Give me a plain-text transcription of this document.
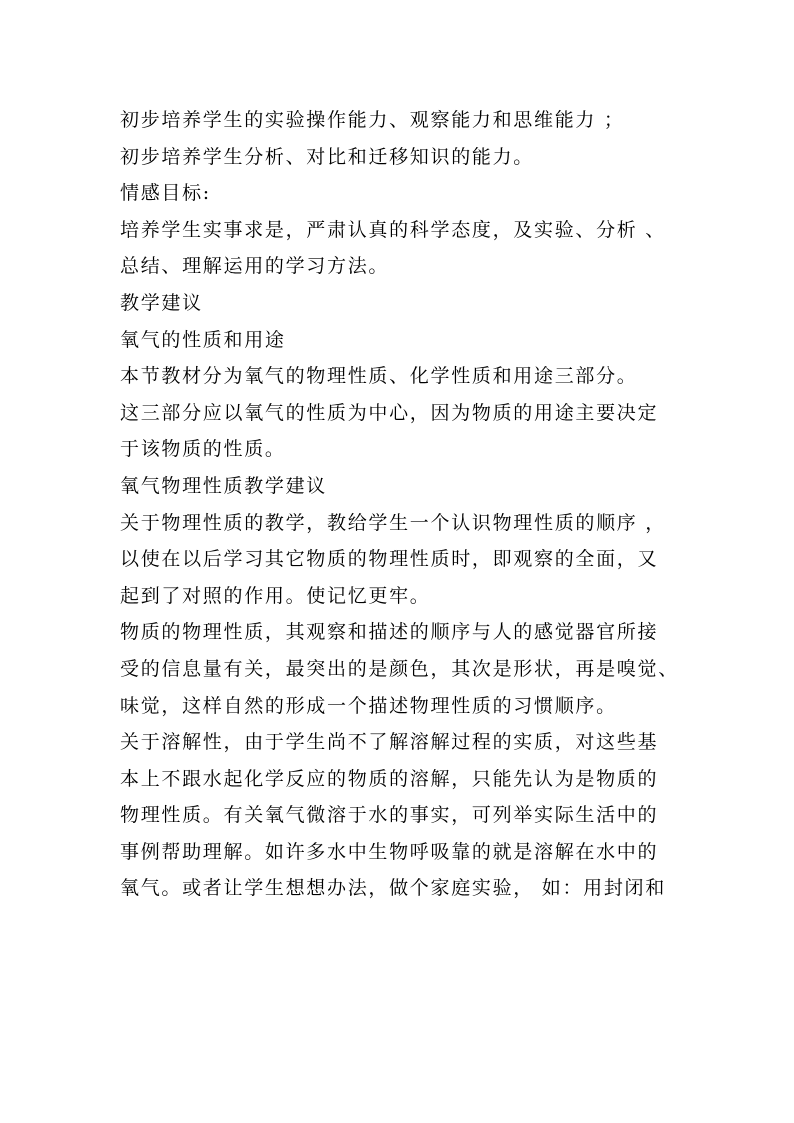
初步培养学生的实验操作能力、观察能力和思维能力 ；
初步培养学生分析、对比和迁移知识的能力。
情感目标:
培养学生实事求是，严肃认真的科学态度，及实验、分析 、
总结、理解运用的学习方法。
教学建议
氧气的性质和用途
本节教材分为氧气的物理性质、化学性质和用途三部分。
这三部分应以氧气的性质为中心，因为物质的用途主要决定
于该物质的性质。
氧气物理性质教学建议
关于物理性质的教学，教给学生一个认识物理性质的顺序 ，
以使在以后学习其它物质的物理性质时，即观察的全面，又
起到了对照的作用。使记忆更牢。
物质的物理性质，其观察和描述的顺序与人的感觉器官所接
受的信息量有关，最突出的是颜色，其次是形状，再是嗅觉、
味觉，这样自然的形成一个描述物理性质的习惯顺序。
关于溶解性，由于学生尚不了解溶解过程的实质，对这些基
本上不跟水起化学反应的物质的溶解，只能先认为是物质的
物理性质。有关氧气微溶于水的事实，可列举实际生活中的
事例帮助理解。如许多水中生物呼吸靠的就是溶解在水中的
氧气。或者让学生想想办法，做个家庭实验， 如：用封闭和
